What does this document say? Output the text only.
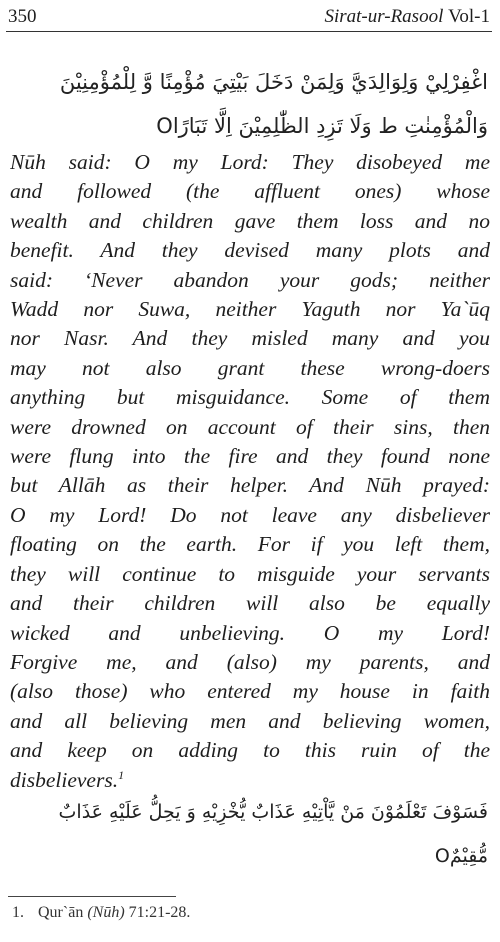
350	Sirat-ur-Rasool Vol-1
اغْفِرْلِيْ وَلِوَالِدَيَّ وَلِمَنْ دَخَلَ بَيْتِيَ مُؤْمِنًا وَّ لِلْمُؤْمِنِيْنَ
وَالْمُؤْمِنٰتِ ط وَلَا تَزِدِ الظّٰلِمِيْنَ اِلَّا تَبَارًاO
Nūh said: O my Lord: They disobeyed me
and followed (the affluent ones) whose
wealth and children gave them loss and no
benefit. And they devised many plots and
said: ‘Never abandon your gods; neither
Wadd nor Suwa, neither Yaguth nor Ya`ūq
nor Nasr. And they misled many and you
may not also grant these wrong-doers
anything but misguidance. Some of them
were drowned on account of their sins, then
were flung into the fire and they found none
but Allāh as their helper. And Nūh prayed:
O my Lord! Do not leave any disbeliever
floating on the earth. For if you left them,
they will continue to misguide your servants
and their children will also be equally
wicked and unbelieving. O my Lord!
Forgive me, and (also) my parents, and
(also those) who entered my house in faith
and all believing men and believing women,
and keep on adding to this ruin of the
disbelievers.$^1$
فَسَوْفَ تَعْلَمُوْنَ مَنْ يَّاْتِيْهِ عَذَابٌ يُّخْزِيْهِ وَ يَحِلُّ عَلَيْهِ عَذَابٌ
مُّقِيْمٌO
1. Qur`ān (Nūh) 71:21-28.
